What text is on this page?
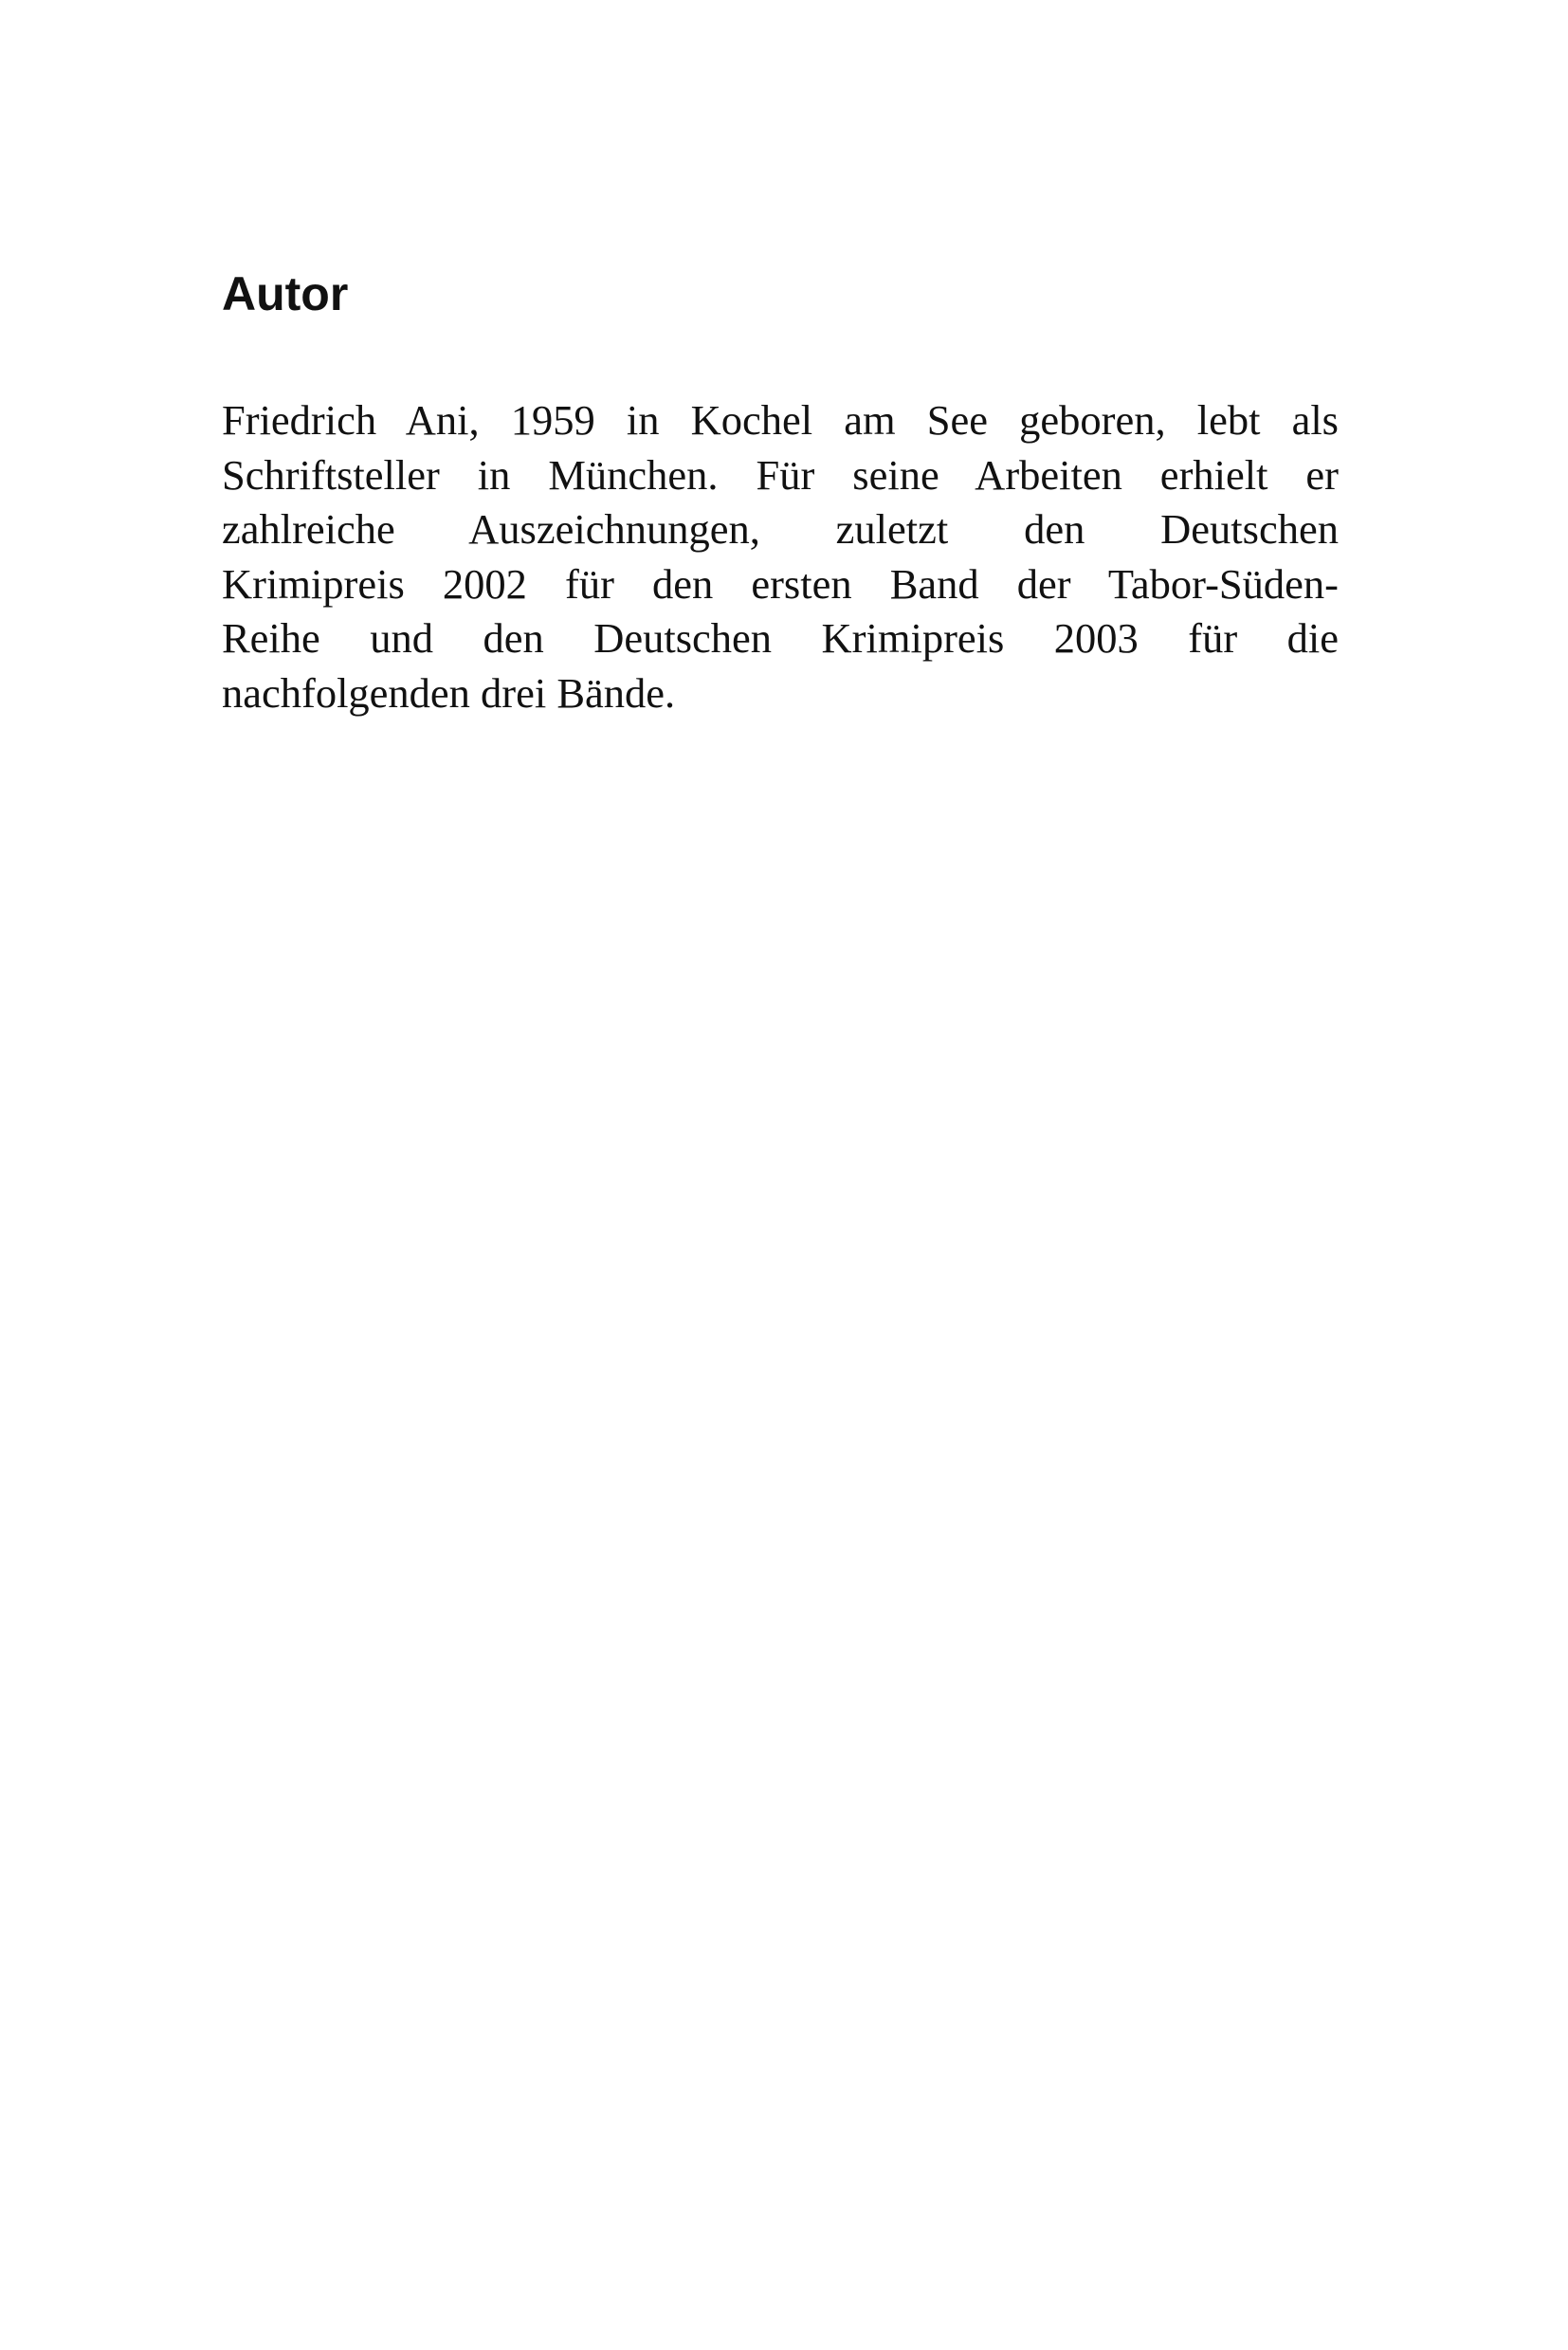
Autor

Friedrich Ani, 1959 in Kochel am See geboren, lebt als
Schriftsteller in München. Für seine Arbeiten erhielt er
zahlreiche Auszeichnungen, zuletzt den Deutschen
Krimipreis 2002 für den ersten Band der Tabor-Süden-
Reihe und den Deutschen Krimipreis 2003 für die
nachfolgenden drei Bände.
